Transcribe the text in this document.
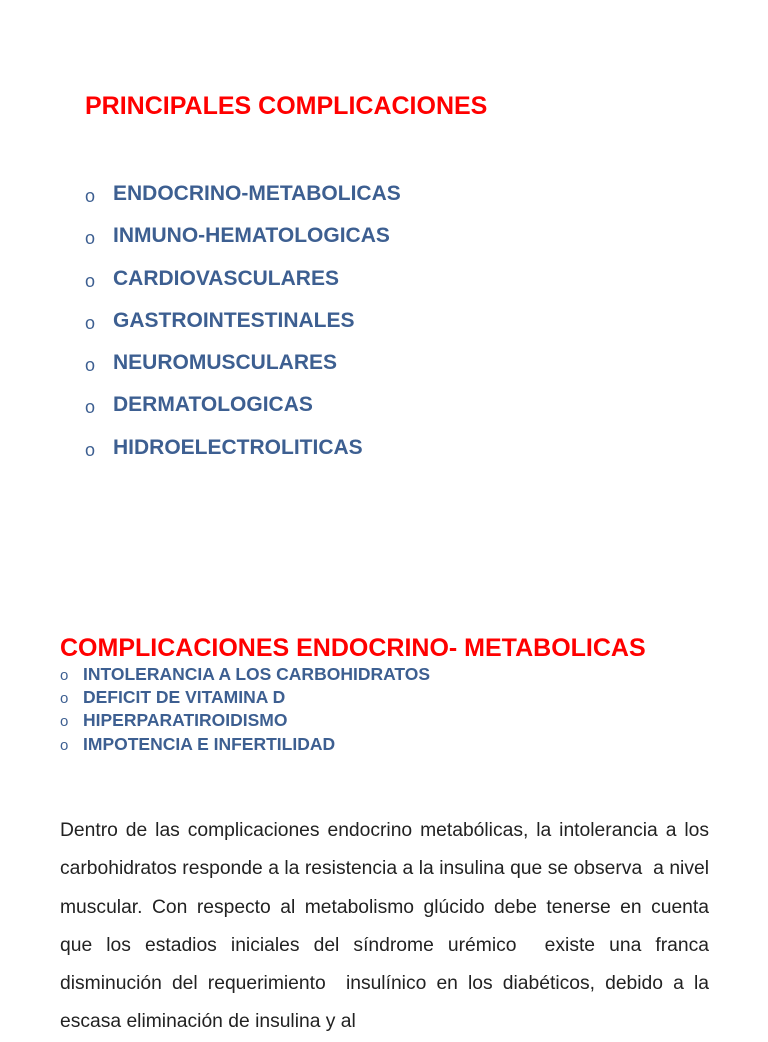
PRINCIPALES COMPLICACIONES
o ENDOCRINO-METABOLICAS
o INMUNO-HEMATOLOGICAS
o CARDIOVASCULARES
o GASTROINTESTINALES
o NEUROMUSCULARES
o DERMATOLOGICAS
o HIDROELECTROLITICAS
COMPLICACIONES ENDOCRINO- METABOLICAS
o INTOLERANCIA A LOS CARBOHIDRATOS
o DEFICIT DE VITAMINA D
o HIPERPARATIROIDISMO
o IMPOTENCIA E INFERTILIDAD

Dentro de las complicaciones endocrino metabólicas, la intolerancia a los carbohidratos responde a la resistencia a la insulina que se observa  a nivel muscular. Con respecto al metabolismo glúcido debe tenerse en cuenta que los estadios iniciales del síndrome urémico  existe una franca disminución del requerimiento  insulínico en los diabéticos, debido a la escasa eliminación de insulina y al
